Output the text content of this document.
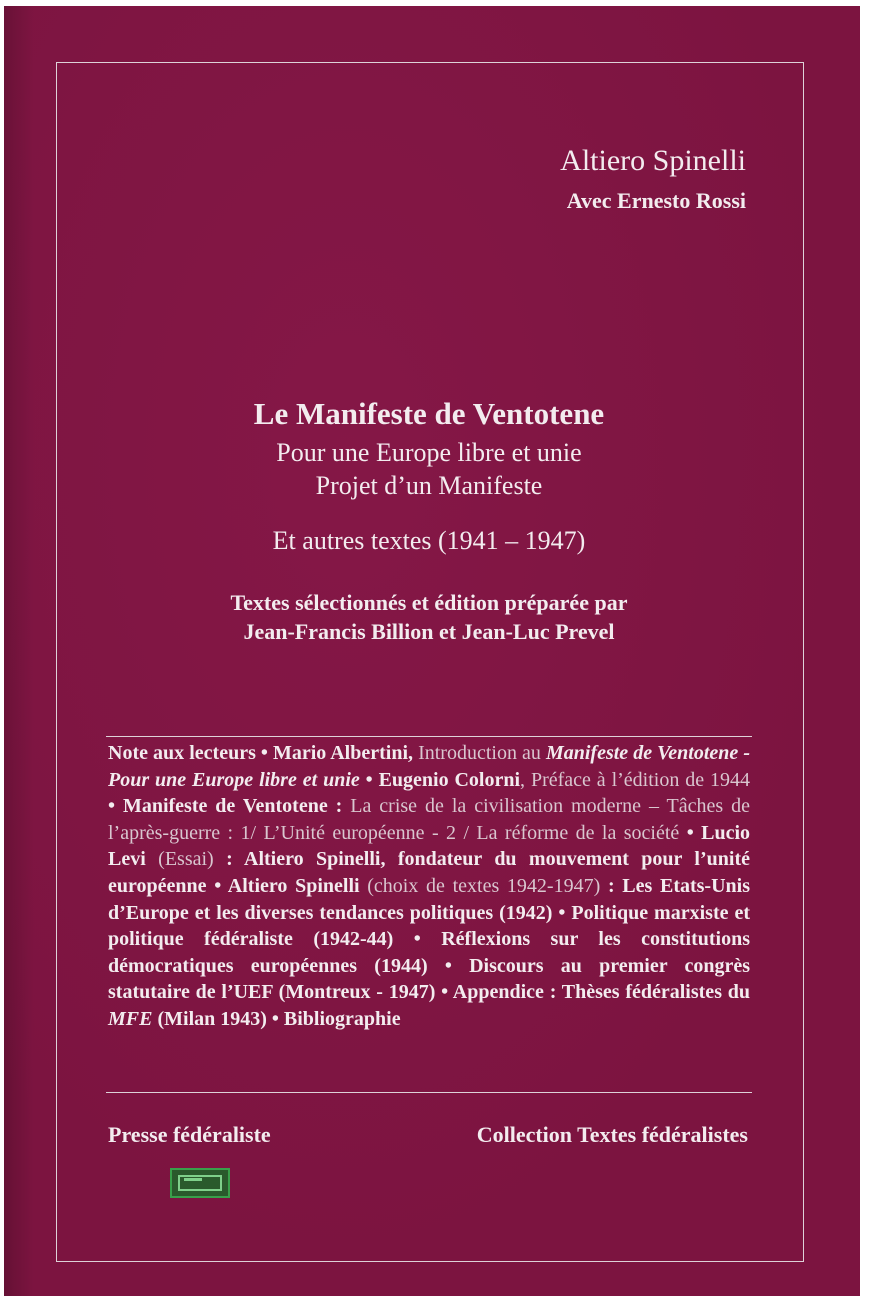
Altiero Spinelli
Avec Ernesto Rossi
Le Manifeste de Ventotene
Pour une Europe libre et unie
Projet d’un Manifeste
Et autres textes (1941 – 1947)
Textes sélectionnés et édition préparée par
Jean-Francis Billion et Jean-Luc Prevel
Note aux lecteurs • Mario Albertini, Introduction au Manifeste de Ventotene - Pour une Europe libre et unie • Eugenio Colorni, Préface à l’édition de 1944 • Manifeste de Ventotene : La crise de la civilisation moderne – Tâches de l’après-guerre : 1/ L’Unité européenne - 2 / La réforme de la société • Lucio Levi (Essai) : Altiero Spinelli, fondateur du mouvement pour l’unité européenne • Altiero Spinelli (choix de textes 1942-1947) : Les Etats-Unis d’Europe et les diverses tendances politiques (1942) • Politique marxiste et politique fédéraliste (1942-44) • Réflexions sur les constitutions démocratiques européennes (1944) • Discours au premier congrès statutaire de l’UEF (Montreux - 1947) • Appendice : Thèses fédéralistes du MFE (Milan 1943) • Bibliographie
Presse fédéraliste	Collection Textes fédéralistes
